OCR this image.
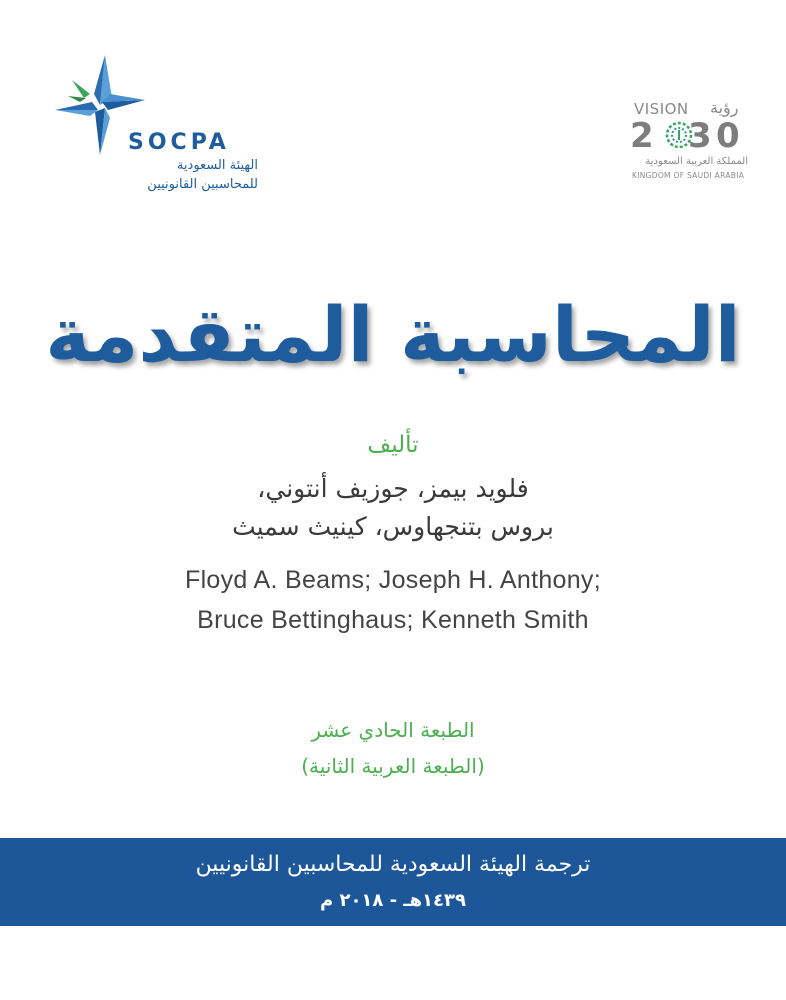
SOCPA
الهيئة السعودية
للمحاسبين القانونيين
VISION رؤية
2 3 0
المملكة العربية السعودية
KINGDOM OF SAUDI ARABIA
المحاسبة المتقدمة
تأليف
فلويد بيمز، جوزيف أنتوني،
بروس بتنجهاوس، كينيث سميث
Floyd A. Beams; Joseph H. Anthony;
Bruce Bettinghaus; Kenneth Smith
الطبعة الحادي عشر
(الطبعة العربية الثانية)
ترجمة الهيئة السعودية للمحاسبين القانونيين
١٤٣٩هـ - ٢٠١٨ م
